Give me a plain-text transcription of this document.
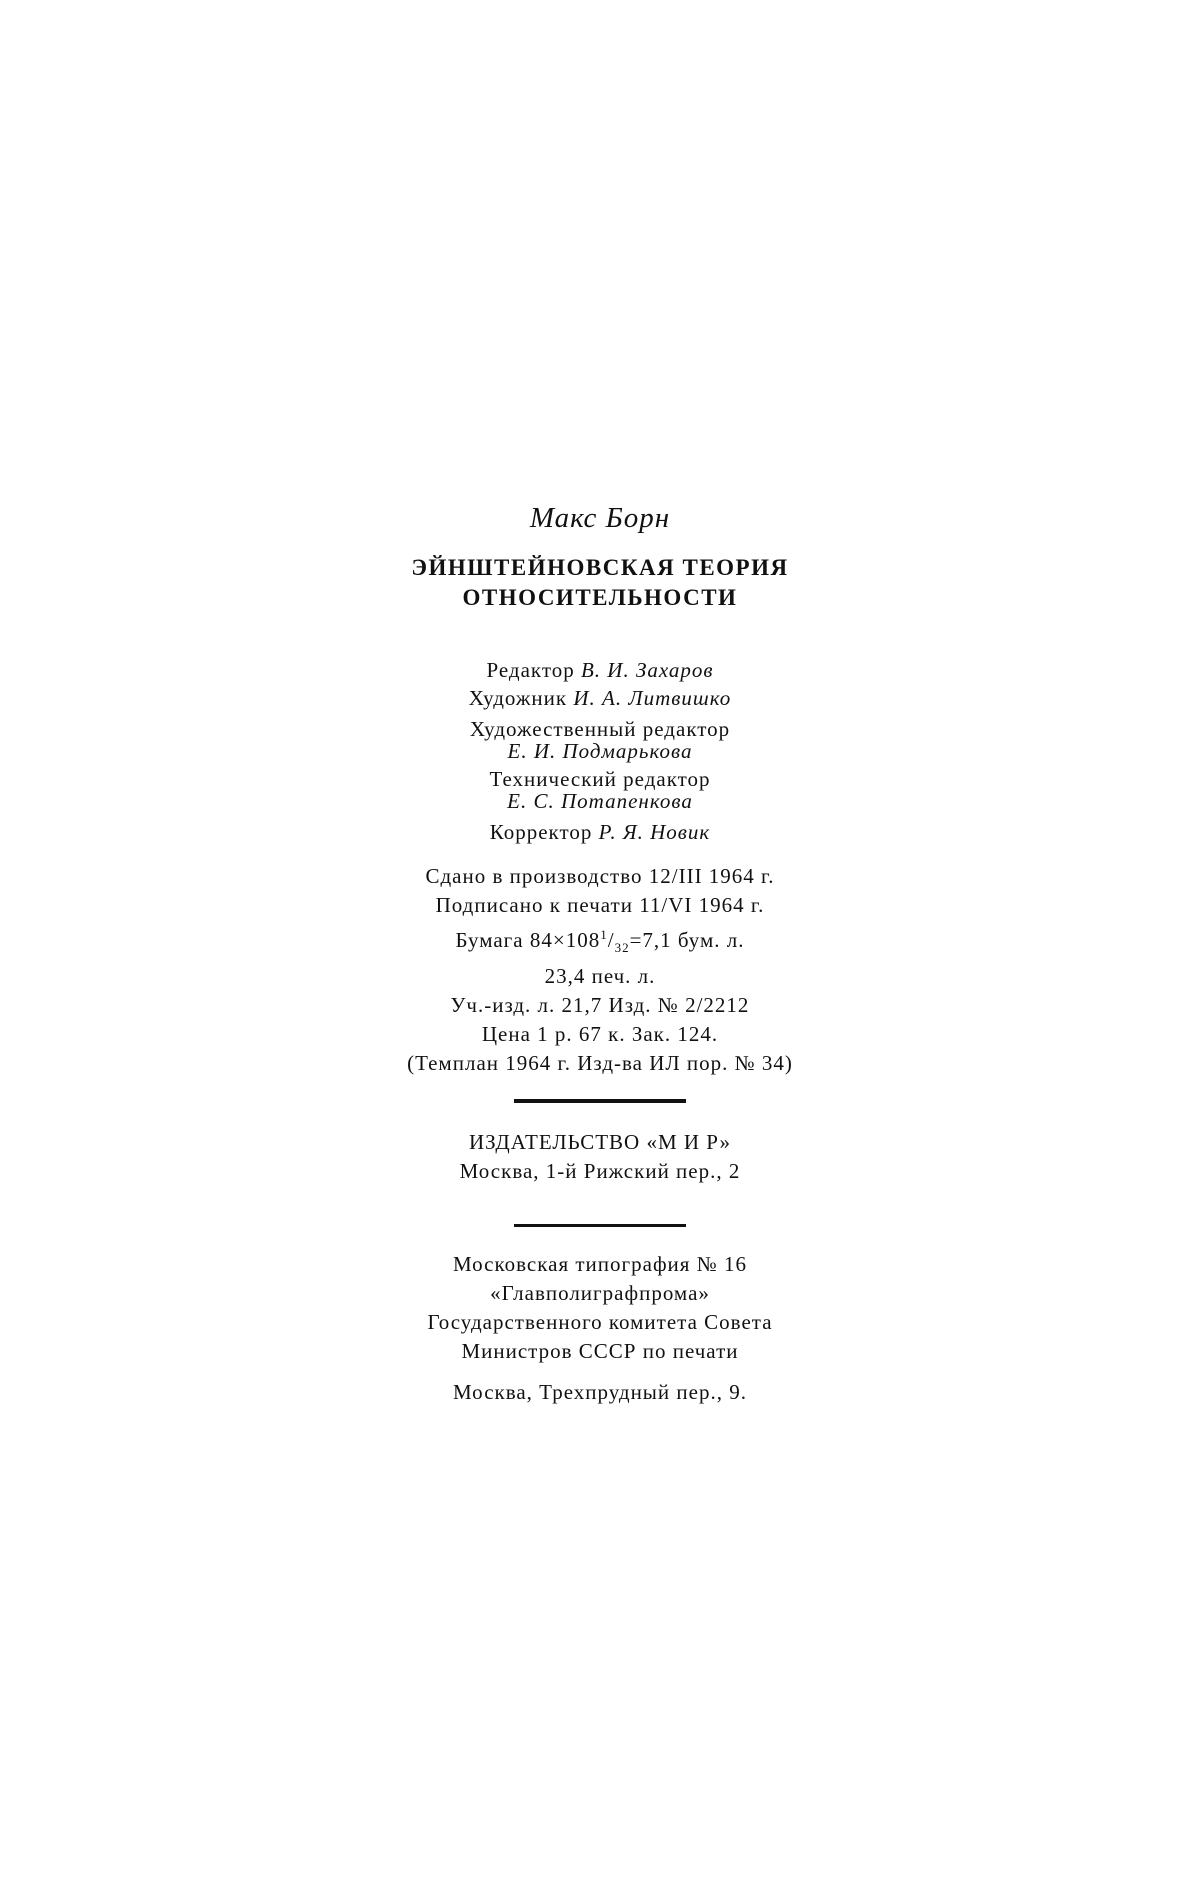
Макс Борн
ЭЙНШТЕЙНОВСКАЯ ТЕОРИЯ
ОТНОСИТЕЛЬНОСТИ
Редактор В. И. Захаров
Художник И. А. Литвишко
Художественный редактор
Е. И. Подмарькова
Технический редактор
Е. С. Потапенкова
Корректор Р. Я. Новик
Сдано в производство 12/III 1964 г.
Подписано к печати 11/VI 1964 г.
Бумага $84\times 108^1/_{32}=7,1$ бум. л.
23,4 печ. л.
Уч.-изд. л. 21,7 Изд. № 2/2212
Цена 1 р. 67 к. Зак. 124.
(Темплан 1964 г. Изд-ва ИЛ пор. № 34)
ИЗДАТЕЛЬСТВО «М И Р»
Москва, 1-й Рижский пер., 2
Московская типография № 16
«Главполиграфпрома»
Государственного комитета Совета
Министров СССР по печати
Москва, Трехпрудный пер., 9.
